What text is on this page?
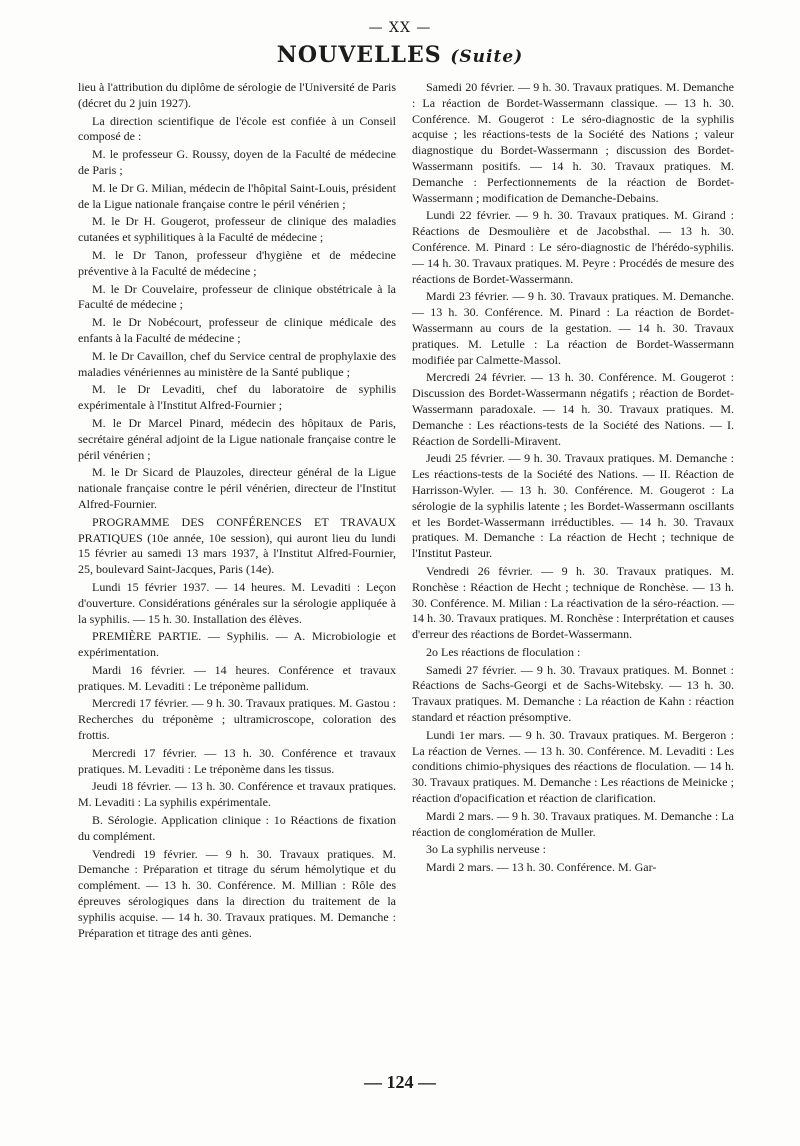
— XX —
NOUVELLES (Suite)

lieu à l'attribution du diplôme de sérologie de l'Université de Paris (décret du 2 juin 1927).

La direction scientifique de l'école est confiée à un Conseil composé de :

M. le professeur G. Roussy, doyen de la Faculté de médecine de Paris ;

M. le Dr G. Milian, médecin de l'hôpital Saint-Louis, président de la Ligue nationale française contre le péril vénérien ;

M. le Dr H. Gougerot, professeur de clinique des maladies cutanées et syphilitiques à la Faculté de médecine ;

M. le Dr Tanon, professeur d'hygiène et de médecine préventive à la Faculté de médecine ;

M. le Dr Couvelaire, professeur de clinique obstétricale à la Faculté de médecine ;

M. le Dr Nobécourt, professeur de clinique médicale des enfants à la Faculté de médecine ;

M. le Dr Cavaillon, chef du Service central de prophylaxie des maladies vénériennes au ministère de la Santé publique ;

M. le Dr Levaditi, chef du laboratoire de syphilis expérimentale à l'Institut Alfred-Fournier ;

M. le Dr Marcel Pinard, médecin des hôpitaux de Paris, secrétaire général adjoint de la Ligue nationale française contre le péril vénérien ;

M. le Dr Sicard de Plauzoles, directeur général de la Ligue nationale française contre le péril vénérien, directeur de l'Institut Alfred-Fournier.

PROGRAMME DES CONFÉRENCES ET TRAVAUX PRATIQUES (10e année, 10e session), qui auront lieu du lundi 15 février au samedi 13 mars 1937, à l'Institut Alfred-Fournier, 25, boulevard Saint-Jacques, Paris (14e).

Lundi 15 février 1937. — 14 heures. M. Levaditi : Leçon d'ouverture. Considérations générales sur la sérologie appliquée à la syphilis. — 15 h. 30. Installation des élèves.

PREMIÈRE PARTIE. — Syphilis. — A. Microbiologie et expérimentation.

Mardi 16 février. — 14 heures. Conférence et travaux pratiques. M. Levaditi : Le tréponème pallidum.

Mercredi 17 février. — 9 h. 30. Travaux pratiques. M. Gastou : Recherches du tréponème ; ultramicroscope, coloration des frottis.

Mercredi 17 février. — 13 h. 30. Conférence et travaux pratiques. M. Levaditi : Le tréponème dans les tissus.

Jeudi 18 février. — 13 h. 30. Conférence et travaux pratiques. M. Levaditi : La syphilis expérimentale.

B. Sérologie. Application clinique : 1o Réactions de fixation du complément.

Vendredi 19 février. — 9 h. 30. Travaux pratiques. M. Demanche : Préparation et titrage du sérum hémolytique et du complément. — 13 h. 30. Conférence. M. Millian : Rôle des épreuves sérologiques dans la direction du traitement de la syphilis acquise. — 14 h. 30. Travaux pratiques. M. Demanche : Préparation et titrage des anti gènes.

Samedi 20 février. — 9 h. 30. Travaux pratiques. M. Demanche : La réaction de Bordet-Wassermann classique. — 13 h. 30. Conférence. M. Gougerot : Le séro-diagnostic de la syphilis acquise ; les réactions-tests de la Société des Nations ; valeur diagnostique du Bordet-Wassermann ; discussion des Bordet-Wassermann positifs. — 14 h. 30. Travaux pratiques. M. Demanche : Perfectionnements de la réaction de Bordet-Wassermann ; modification de Demanche-Debains.

Lundi 22 février. — 9 h. 30. Travaux pratiques. M. Girand : Réactions de Desmoulière et de Jacobsthal. — 13 h. 30. Conférence. M. Pinard : Le séro-diagnostic de l'hérédo-syphilis. — 14 h. 30. Travaux pratiques. M. Peyre : Procédés de mesure des réactions de Bordet-Wassermann.

Mardi 23 février. — 9 h. 30. Travaux pratiques. M. Demanche. — 13 h. 30. Conférence. M. Pinard : La réaction de Bordet-Wassermann au cours de la gestation. — 14 h. 30. Travaux pratiques. M. Letulle : La réaction de Bordet-Wassermann modifiée par Calmette-Massol.

Mercredi 24 février. — 13 h. 30. Conférence. M. Gougerot : Discussion des Bordet-Wassermann négatifs ; réaction de Bordet-Wassermann paradoxale. — 14 h. 30. Travaux pratiques. M. Demanche : Les réactions-tests de la Société des Nations. — I. Réaction de Sordelli-Miravent.

Jeudi 25 février. — 9 h. 30. Travaux pratiques. M. Demanche : Les réactions-tests de la Société des Nations. — II. Réaction de Harrisson-Wyler. — 13 h. 30. Conférence. M. Gougerot : La sérologie de la syphilis latente ; les Bordet-Wassermann oscillants et les Bordet-Wassermann irréductibles. — 14 h. 30. Travaux pratiques. M. Demanche : La réaction de Hecht ; technique de l'Institut Pasteur.

Vendredi 26 février. — 9 h. 30. Travaux pratiques. M. Ronchèse : Réaction de Hecht ; technique de Ronchèse. — 13 h. 30. Conférence. M. Milian : La réactivation de la séro-réaction. — 14 h. 30. Travaux pratiques. M. Ronchèse : Interprétation et causes d'erreur des réactions de Bordet-Wassermann.

2o Les réactions de floculation :

Samedi 27 février. — 9 h. 30. Travaux pratiques. M. Bonnet : Réactions de Sachs-Georgi et de Sachs-Witebsky. — 13 h. 30. Travaux pratiques. M. Demanche : La réaction de Kahn : réaction standard et réaction présomptive.

Lundi 1er mars. — 9 h. 30. Travaux pratiques. M. Bergeron : La réaction de Vernes. — 13 h. 30. Conférence. M. Levaditi : Les conditions chimio-physiques des réactions de floculation. — 14 h. 30. Travaux pratiques. M. Demanche : Les réactions de Meinicke ; réaction d'opacification et réaction de clarification.

Mardi 2 mars. — 9 h. 30. Travaux pratiques. M. Demanche : La réaction de conglomération de Muller.

3o La syphilis nerveuse :

Mardi 2 mars. — 13 h. 30. Conférence. M. Gar-

— 124 —
